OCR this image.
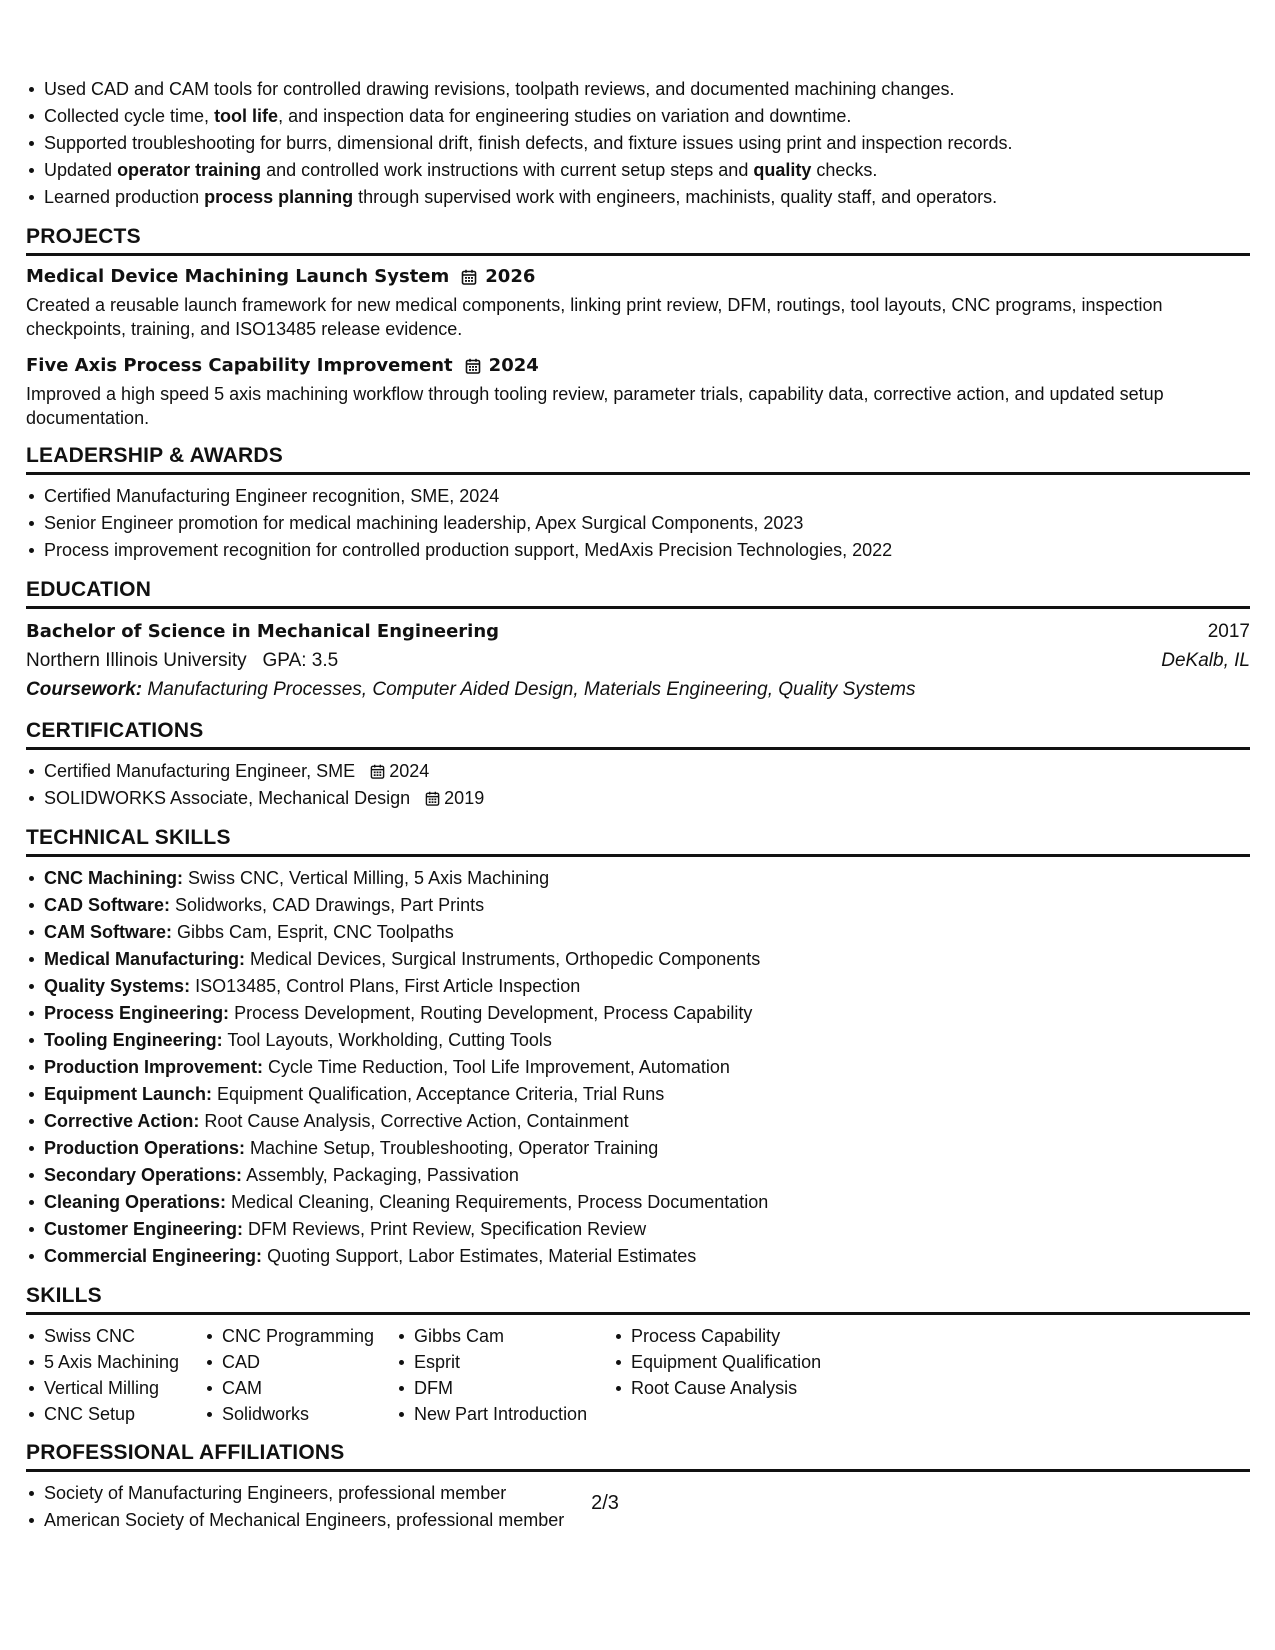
Used CAD and CAM tools for controlled drawing revisions, toolpath reviews, and documented machining changes.
Collected cycle time, tool life, and inspection data for engineering studies on variation and downtime.
Supported troubleshooting for burrs, dimensional drift, finish defects, and fixture issues using print and inspection records.
Updated operator training and controlled work instructions with current setup steps and quality checks.
Learned production process planning through supervised work with engineers, machinists, quality staff, and operators.
PROJECTS
Medical Device Machining Launch System 2026
Created a reusable launch framework for new medical components, linking print review, DFM, routings, tool layouts, CNC programs, inspection checkpoints, training, and ISO13485 release evidence.
Five Axis Process Capability Improvement 2024
Improved a high speed 5 axis machining workflow through tooling review, parameter trials, capability data, corrective action, and updated setup documentation.
LEADERSHIP & AWARDS
Certified Manufacturing Engineer recognition, SME, 2024
Senior Engineer promotion for medical machining leadership, Apex Surgical Components, 2023
Process improvement recognition for controlled production support, MedAxis Precision Technologies, 2022
EDUCATION
Bachelor of Science in Mechanical Engineering	2017
Northern Illinois University GPA: 3.5	DeKalb, IL
Coursework: Manufacturing Processes, Computer Aided Design, Materials Engineering, Quality Systems
CERTIFICATIONS
Certified Manufacturing Engineer, SME 2024
SOLIDWORKS Associate, Mechanical Design 2019
TECHNICAL SKILLS
CNC Machining: Swiss CNC, Vertical Milling, 5 Axis Machining
CAD Software: Solidworks, CAD Drawings, Part Prints
CAM Software: Gibbs Cam, Esprit, CNC Toolpaths
Medical Manufacturing: Medical Devices, Surgical Instruments, Orthopedic Components
Quality Systems: ISO13485, Control Plans, First Article Inspection
Process Engineering: Process Development, Routing Development, Process Capability
Tooling Engineering: Tool Layouts, Workholding, Cutting Tools
Production Improvement: Cycle Time Reduction, Tool Life Improvement, Automation
Equipment Launch: Equipment Qualification, Acceptance Criteria, Trial Runs
Corrective Action: Root Cause Analysis, Corrective Action, Containment
Production Operations: Machine Setup, Troubleshooting, Operator Training
Secondary Operations: Assembly, Packaging, Passivation
Cleaning Operations: Medical Cleaning, Cleaning Requirements, Process Documentation
Customer Engineering: DFM Reviews, Print Review, Specification Review
Commercial Engineering: Quoting Support, Labor Estimates, Material Estimates
SKILLS
Swiss CNC
5 Axis Machining
Vertical Milling
CNC Setup
CNC Programming
CAD
CAM
Solidworks
Gibbs Cam
Esprit
DFM
New Part Introduction
Process Capability
Equipment Qualification
Root Cause Analysis
PROFESSIONAL AFFILIATIONS
Society of Manufacturing Engineers, professional member
American Society of Mechanical Engineers, professional member
2/3
